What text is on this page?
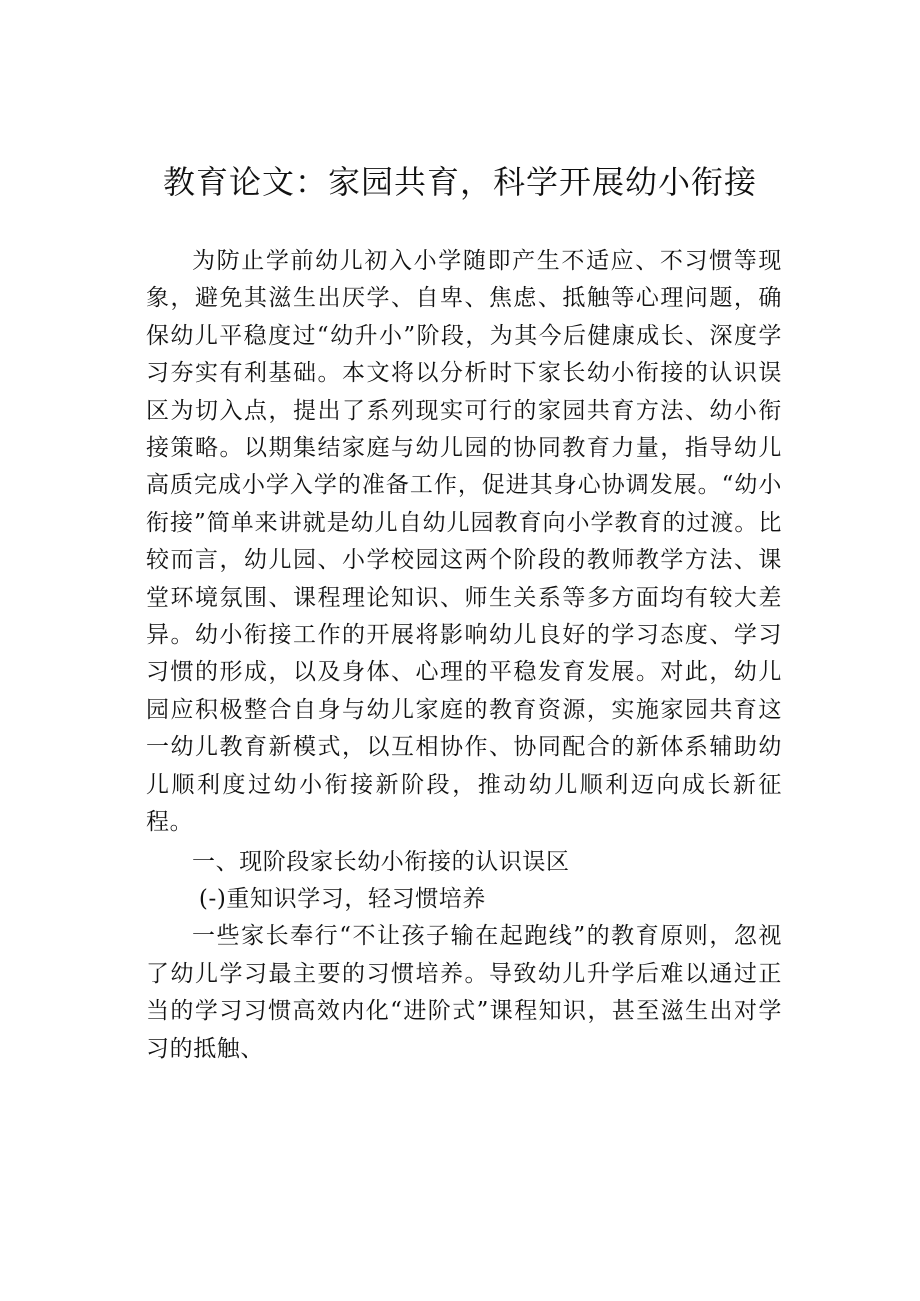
教育论文：家园共育，科学开展幼小衔接

为防止学前幼儿初入小学随即产生不适应、不习惯等现象，避免其滋生出厌学、自卑、焦虑、抵触等心理问题，确保幼儿平稳度过“幼升小”阶段，为其今后健康成长、深度学习夯实有利基础。本文将以分析时下家长幼小衔接的认识误区为切入点，提出了系列现实可行的家园共育方法、幼小衔接策略。以期集结家庭与幼儿园的协同教育力量，指导幼儿高质完成小学入学的准备工作，促进其身心协调发展。“幼小衔接”简单来讲就是幼儿自幼儿园教育向小学教育的过渡。比较而言，幼儿园、小学校园这两个阶段的教师教学方法、课堂环境氛围、课程理论知识、师生关系等多方面均有较大差异。幼小衔接工作的开展将影响幼儿良好的学习态度、学习习惯的形成，以及身体、心理的平稳发育发展。对此，幼儿园应积极整合自身与幼儿家庭的教育资源，实施家园共育这一幼儿教育新模式，以互相协作、协同配合的新体系辅助幼儿顺利度过幼小衔接新阶段，推动幼儿顺利迈向成长新征程。

一、现阶段家长幼小衔接的认识误区

(-)重知识学习，轻习惯培养

一些家长奉行“不让孩子输在起跑线”的教育原则，忽视了幼儿学习最主要的习惯培养。导致幼儿升学后难以通过正当的学习习惯高效内化“进阶式”课程知识，甚至滋生出对学习的抵触、
